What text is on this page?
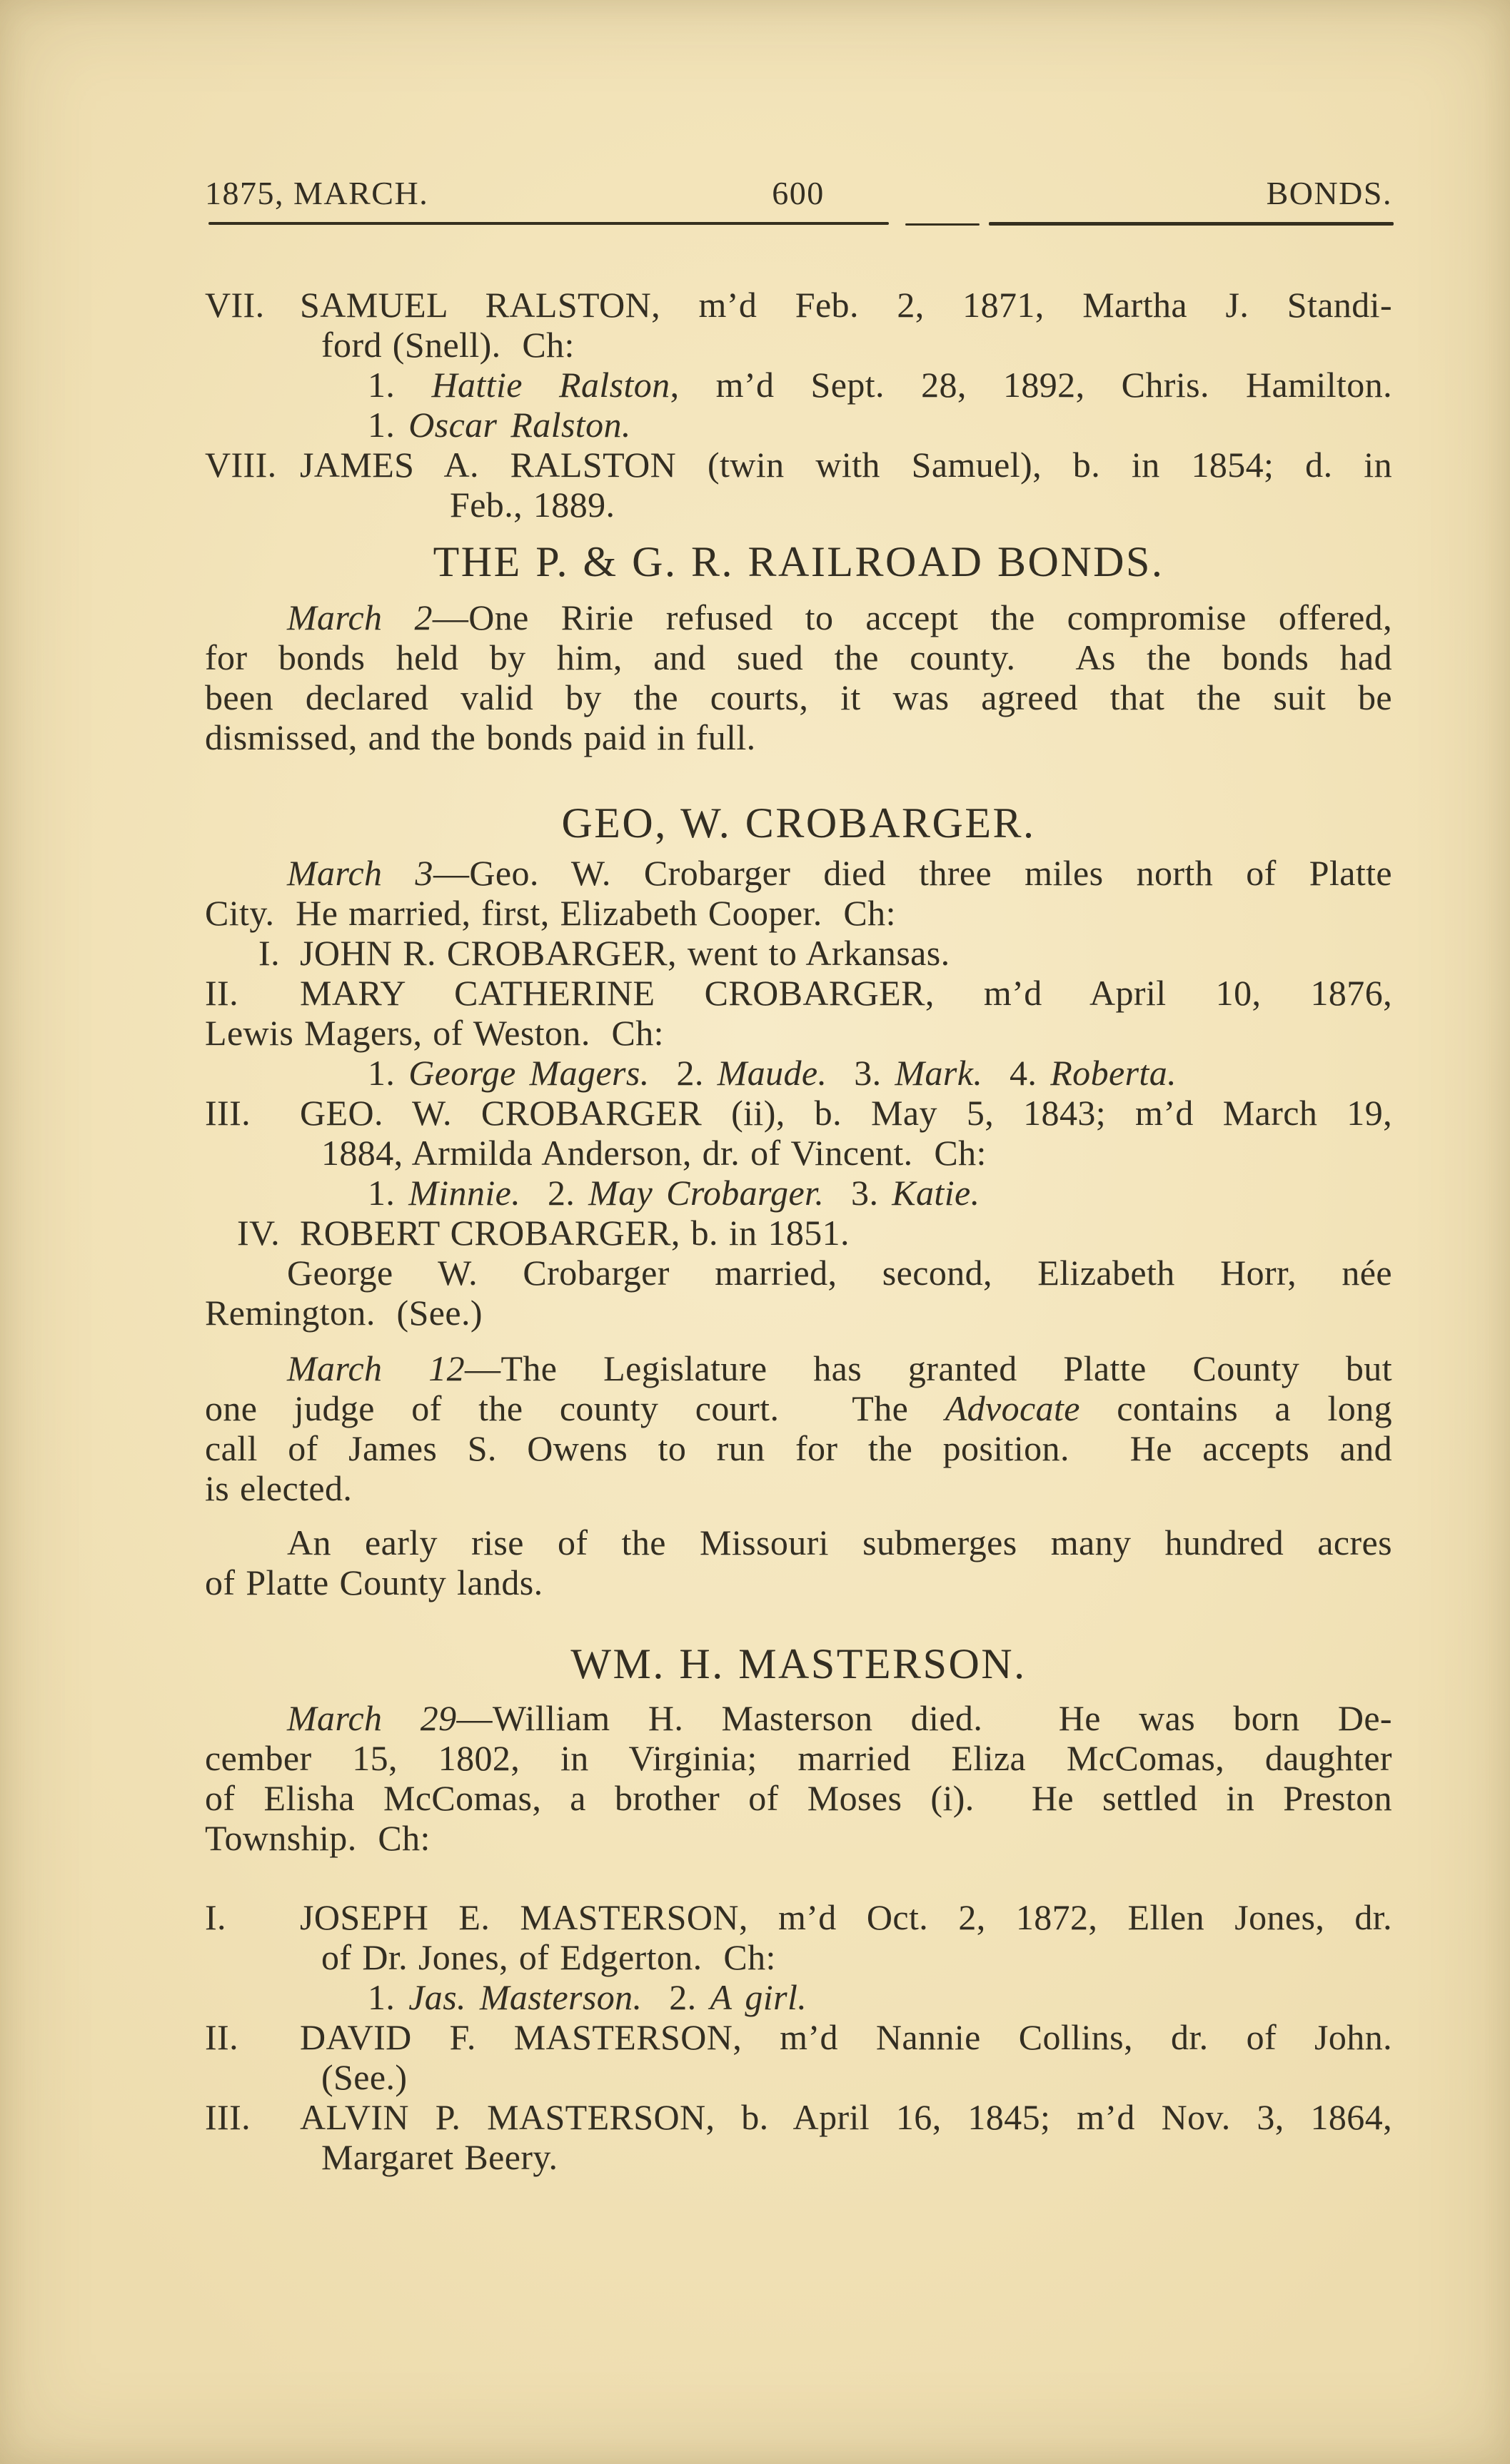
1875, MARCH.	600	BONDS.
VII. SAMUEL RALSTON, m’d Feb. 2, 1871, Martha J. Standi-
ford (Snell).  Ch:
1. Hattie Ralston, m’d Sept. 28, 1892, Chris. Hamilton.
1. Oscar Ralston.
VIII. JAMES A. RALSTON (twin with Samuel), b. in 1854; d. in
Feb., 1889.
THE P. & G. R. RAILROAD BONDS.
March 2—One Ririe refused to accept the compromise offered,
for bonds held by him, and sued the county.  As the bonds had
been declared valid by the courts, it was agreed that the suit be
dismissed, and the bonds paid in full.
GEO, W. CROBARGER.
March 3—Geo. W. Crobarger died three miles north of Platte
City.  He married, first, Elizabeth Cooper.  Ch:
I. JOHN R. CROBARGER, went to Arkansas.
II. MARY CATHERINE CROBARGER, m’d April 10, 1876,
Lewis Magers, of Weston.  Ch:
1. George Magers.  2. Maude.  3. Mark.  4. Roberta.
III. GEO. W. CROBARGER (ii), b. May 5, 1843; m’d March 19,
1884, Armilda Anderson, dr. of Vincent.  Ch:
1. Minnie.  2. May Crobarger.  3. Katie.
IV. ROBERT CROBARGER, b. in 1851.
George W. Crobarger married, second, Elizabeth Horr, née
Remington.  (See.)
March 12—The Legislature has granted Platte County but
one judge of the county court.  The Advocate contains a long
call of James S. Owens to run for the position.  He accepts and
is elected.
An early rise of the Missouri submerges many hundred acres
of Platte County lands.
WM. H. MASTERSON.
March 29—William H. Masterson died.  He was born De-
cember 15, 1802, in Virginia; married Eliza McComas, daughter
of Elisha McComas, a brother of Moses (i).  He settled in Preston
Township.  Ch:
I. JOSEPH E. MASTERSON, m’d Oct. 2, 1872, Ellen Jones, dr.
of Dr. Jones, of Edgerton.  Ch:
1. Jas. Masterson.  2. A girl.
II. DAVID F. MASTERSON, m’d Nannie Collins, dr. of John.
(See.)
III. ALVIN P. MASTERSON, b. April 16, 1845; m’d Nov. 3, 1864,
Margaret Beery.
